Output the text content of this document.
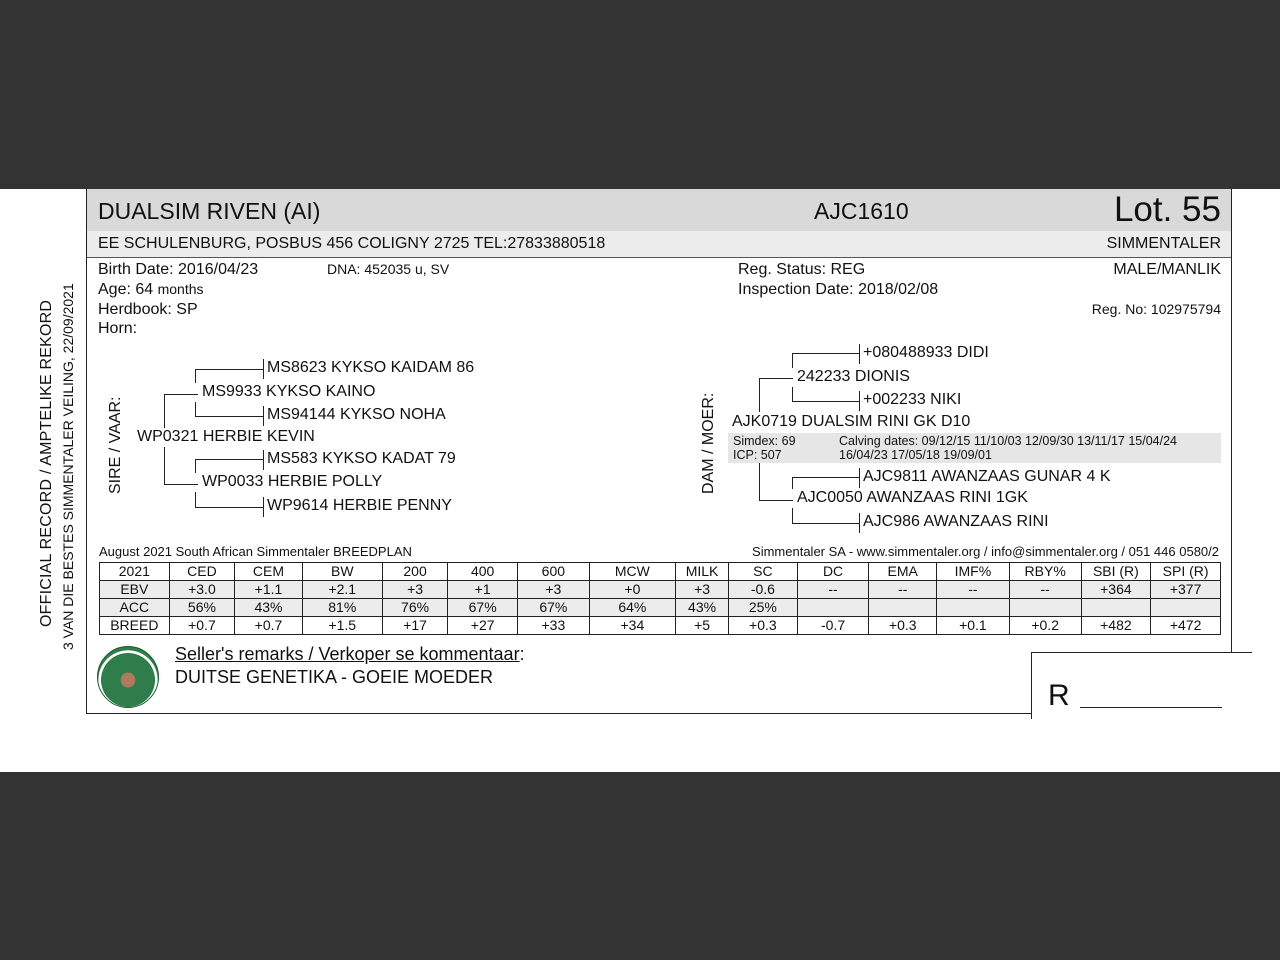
OFFICIAL RECORD / AMPTELIKE REKORD 3 VAN DIE BESTES SIMMENTALER VEILING, 22/09/2021
DUALSIM RIVEN (AI)	AJC1610	Lot. 55
EE SCHULENBURG, POSBUS 456 COLIGNY 2725 TEL:27833880518	SIMMENTALER
Birth Date: 2016/04/23	DNA: 452035 u, SV
Age: 64 months
Herdbook: SP
Horn:
Reg. Status: REG
Inspection Date: 2018/02/08
MALE/MANLIK
Reg. No: 102975794
SIRE / VAAR:
MS8623 KYKSO KAIDAM 86
MS9933 KYKSO KAINO
MS94144 KYKSO NOHA
WP0321 HERBIE KEVIN
MS583 KYKSO KADAT 79
WP0033 HERBIE POLLY
WP9614 HERBIE PENNY
DAM / MOER:
+080488933 DIDI
242233 DIONIS
+002233 NIKI
AJK0719 DUALSIM RINI GK D10
Simdex: 69
ICP: 507
Calving dates: 09/12/15 11/10/03 12/09/30 13/11/17 15/04/24
16/04/23 17/05/18 19/09/01
AJC9811 AWANZAAS GUNAR 4 K
AJC0050 AWANZAAS RINI 1GK
AJC986 AWANZAAS RINI
August 2021 South African Simmentaler BREEDPLAN	Simmentaler SA - www.simmentaler.org / info@simmentaler.org / 051 446 0580/2
2021	CED	CEM	BW	200	400	600	MCW	MILK	SC	DC	EMA	IMF%	RBY%	SBI (R)	SPI (R)
EBV	+3.0	+1.1	+2.1	+3	+1	+3	+0	+3	-0.6	--	--	--	--	+364	+377
ACC	56%	43%	81%	76%	67%	67%	64%	43%	25%						
BREED	+0.7	+0.7	+1.5	+17	+27	+33	+34	+5	+0.3	-0.7	+0.3	+0.1	+0.2	+482	+472
Seller's remarks / Verkoper se kommentaar:
DUITSE GENETIKA - GOEIE MOEDER
R
